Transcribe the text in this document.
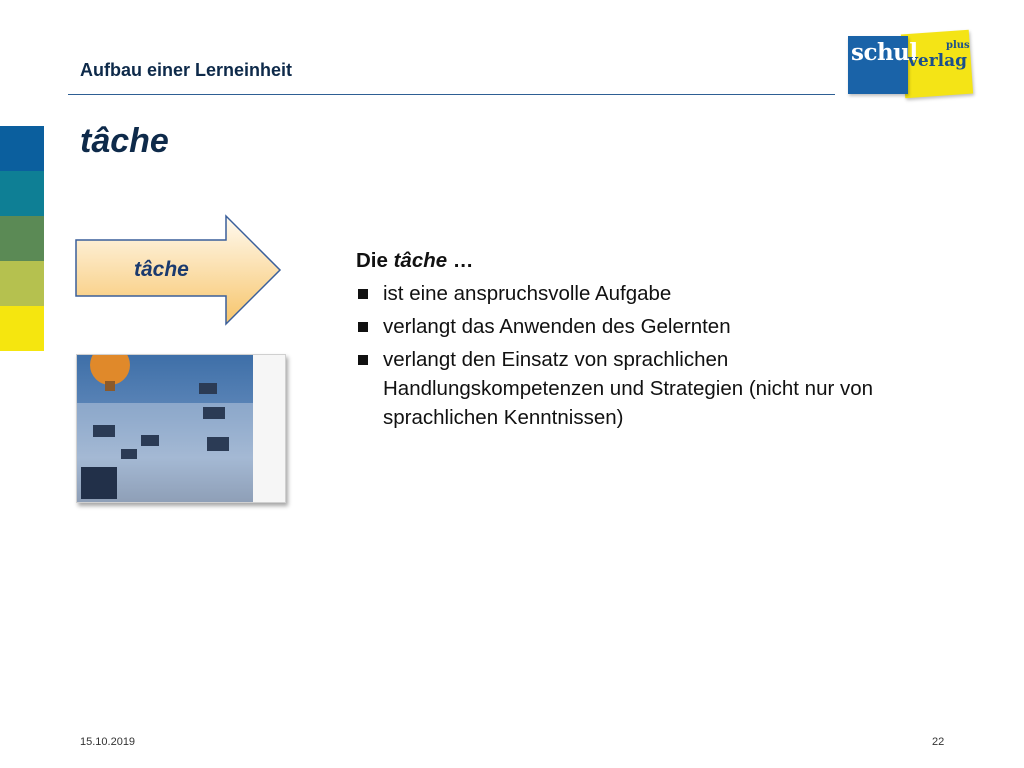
Aufbau einer Lerneinheit
schul
verlag
plus
tâche
tâche	Die tâche …
ist eine anspruchsvolle Aufgabe
verlangt das Anwenden des Gelernten
verlangt den Einsatz von sprachlichen Handlungskompetenzen und Strategien (nicht nur von sprachlichen Kenntnissen)
15.10.2019	22
